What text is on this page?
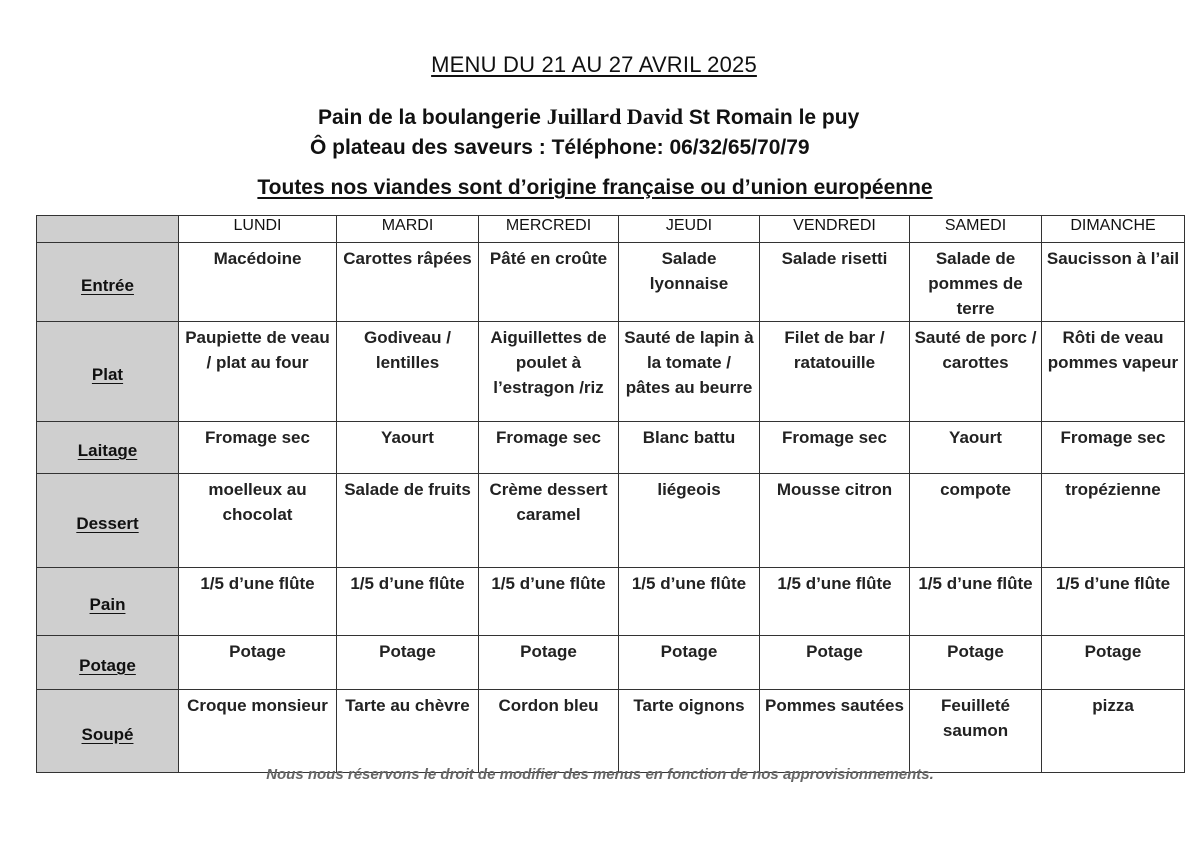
MENU DU 21 AU 27 AVRIL 2025
Pain de la boulangerie Juillard David St Romain le puy
Ô plateau des saveurs : Téléphone: 06/32/65/70/79
Toutes nos viandes sont d’origine française ou d’union européenne
	LUNDI	MARDI	MERCREDI	JEUDI	VENDREDI	SAMEDI	DIMANCHE
Entrée	Macédoine	Carottes râpées	Pâté en croûte	Salade lyonnaise	Salade risetti	Salade de pommes de terre	Saucisson à l’ail
Plat	Paupiette de veau / plat au four	Godiveau / lentilles	Aiguillettes de poulet à l’estragon /riz	Sauté de lapin à la tomate / pâtes au beurre	Filet de bar / ratatouille	Sauté de porc / carottes	Rôti de veau pommes vapeur
Laitage	Fromage sec	Yaourt	Fromage sec	Blanc battu	Fromage sec	Yaourt	Fromage sec
Dessert	moelleux au chocolat	Salade de fruits	Crème dessert caramel	liégeois	Mousse citron	compote	tropézienne
Pain	1/5 d’une flûte	1/5 d’une flûte	1/5 d’une flûte	1/5 d’une flûte	1/5 d’une flûte	1/5 d’une flûte	1/5 d’une flûte
Potage	Potage	Potage	Potage	Potage	Potage	Potage	Potage
Soupé	Croque monsieur	Tarte au chèvre	Cordon bleu	Tarte oignons	Pommes sautées	Feuilleté saumon	pizza
Nous nous réservons le droit de modifier des menus en fonction de nos approvisionnements.
